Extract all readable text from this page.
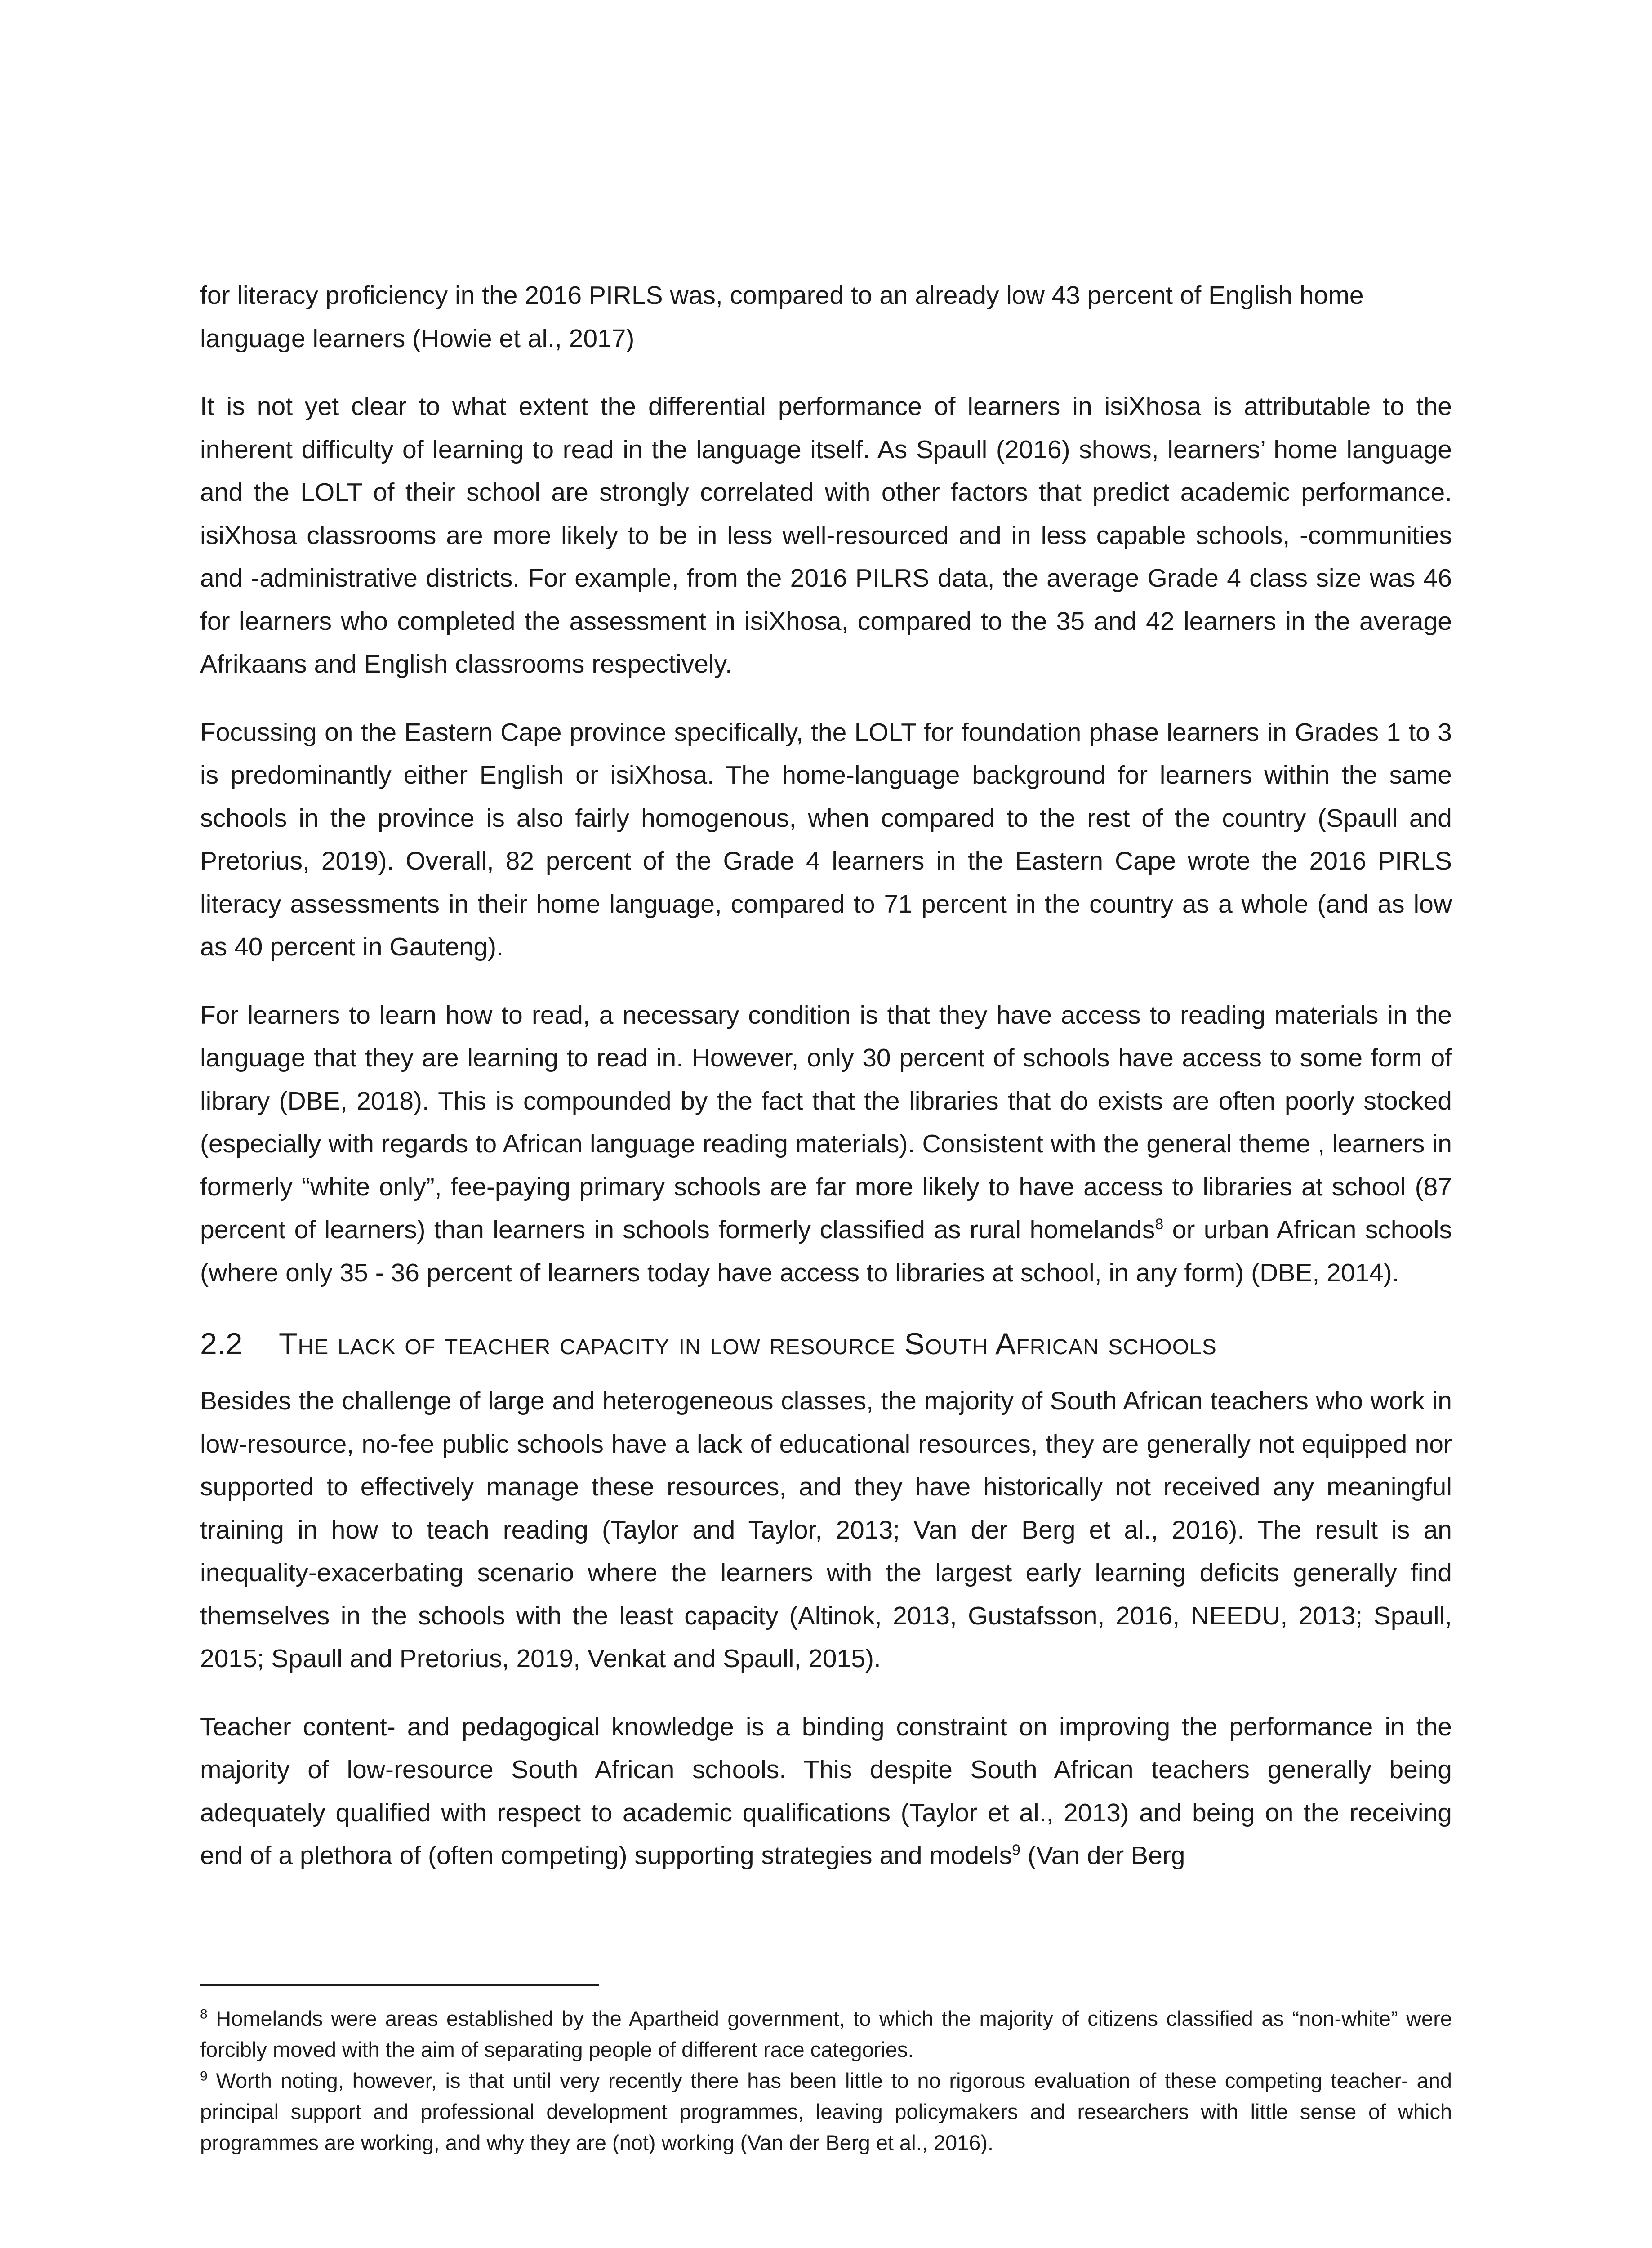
for literacy proficiency in the 2016 PIRLS was, compared to an already low 43 percent of English home language learners (Howie et al., 2017)

It is not yet clear to what extent the differential performance of learners in isiXhosa is attributable to the inherent difficulty of learning to read in the language itself. As Spaull (2016) shows, learners’ home language and the LOLT of their school are strongly correlated with other factors that predict academic performance. isiXhosa classrooms are more likely to be in less well-resourced and in less capable schools, -communities and -administrative districts. For example, from the 2016 PILRS data, the average Grade 4 class size was 46 for learners who completed the assessment in isiXhosa, compared to the 35 and 42 learners in the average Afrikaans and English classrooms respectively.

Focussing on the Eastern Cape province specifically, the LOLT for foundation phase learners in Grades 1 to 3 is predominantly either English or isiXhosa. The home-language background for learners within the same schools in the province is also fairly homogenous, when compared to the rest of the country (Spaull and Pretorius, 2019). Overall, 82 percent of the Grade 4 learners in the Eastern Cape wrote the 2016 PIRLS literacy assessments in their home language, compared to 71 percent in the country as a whole (and as low as 40 percent in Gauteng).

For learners to learn how to read, a necessary condition is that they have access to reading materials in the language that they are learning to read in. However, only 30 percent of schools have access to some form of library (DBE, 2018). This is compounded by the fact that the libraries that do exists are often poorly stocked (especially with regards to African language reading materials). Consistent with the general theme , learners in formerly “white only”, fee-paying primary schools are far more likely to have access to libraries at school (87 percent of learners) than learners in schools formerly classified as rural homelands$^8$ or urban African schools (where only 35 - 36 percent of learners today have access to libraries at school, in any form) (DBE, 2014).

2.2 The lack of teacher capacity in low resource South African schools

Besides the challenge of large and heterogeneous classes, the majority of South African teachers who work in low-resource, no-fee public schools have a lack of educational resources, they are generally not equipped nor supported to effectively manage these resources, and they have historically not received any meaningful training in how to teach reading (Taylor and Taylor, 2013; Van der Berg et al., 2016). The result is an inequality-exacerbating scenario where the learners with the largest early learning deficits generally find themselves in the schools with the least capacity (Altinok, 2013, Gustafsson, 2016, NEEDU, 2013; Spaull, 2015; Spaull and Pretorius, 2019, Venkat and Spaull, 2015).

Teacher content- and pedagogical knowledge is a binding constraint on improving the performance in the majority of low-resource South African schools. This despite South African teachers generally being adequately qualified with respect to academic qualifications (Taylor et al., 2013) and being on the receiving end of a plethora of (often competing) supporting strategies and models$^9$ (Van der Berg

$^8$ Homelands were areas established by the Apartheid government, to which the majority of citizens classified as “non-white” were forcibly moved with the aim of separating people of different race categories.

$^9$ Worth noting, however, is that until very recently there has been little to no rigorous evaluation of these competing teacher- and principal support and professional development programmes, leaving policymakers and researchers with little sense of which programmes are working, and why they are (not) working (Van der Berg et al., 2016).
